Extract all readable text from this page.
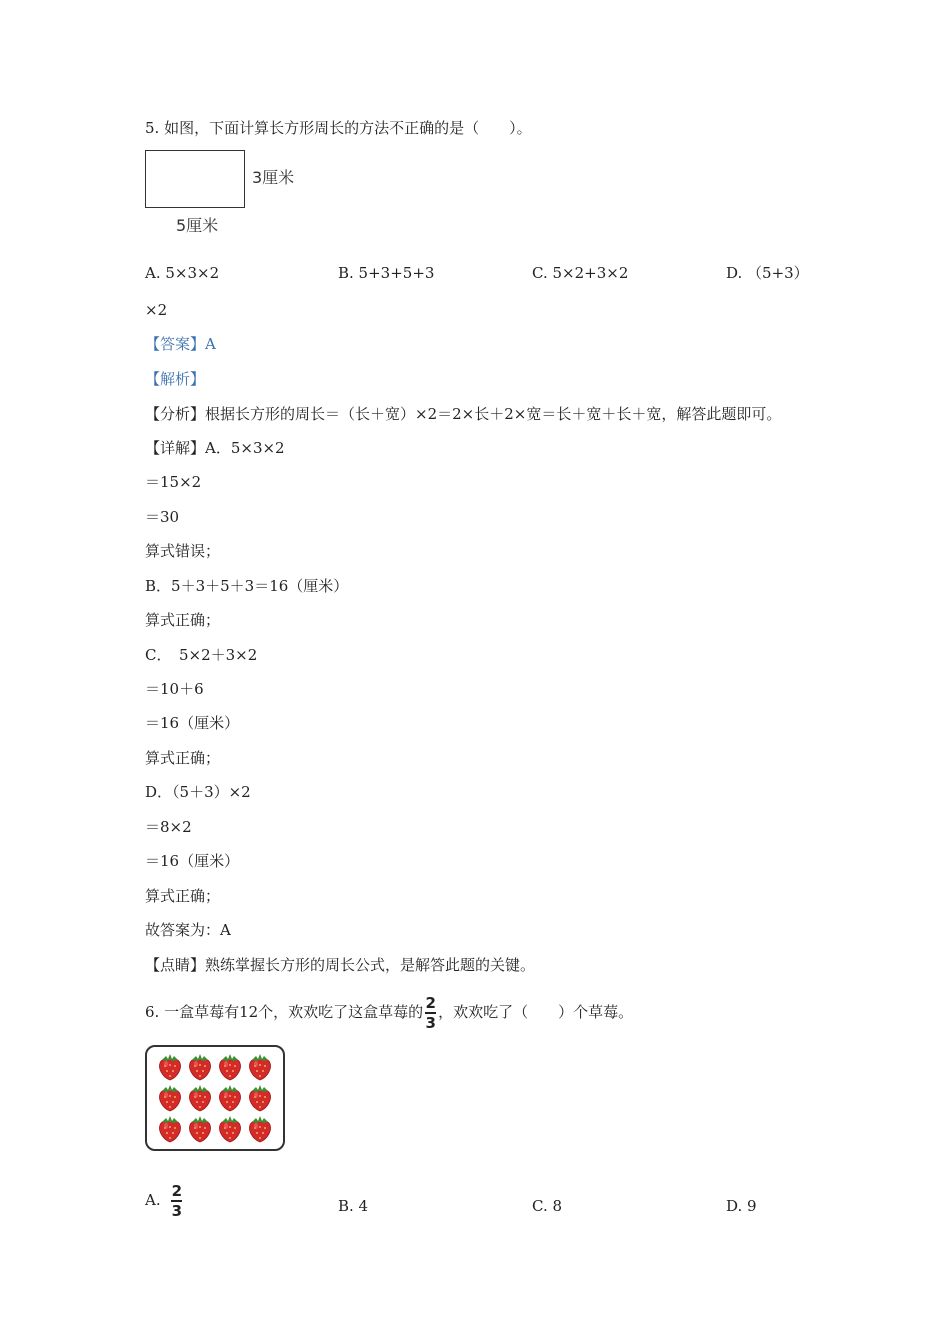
5. 如图，下面计算长方形周长的方法不正确的是（　　）。
3厘米
5厘米
A. 5×3×2	B. 5+3+5+3	C. 5×2+3×2	D. （5+3）
×2
【答案】A
【解析】
【分析】根据长方形的周长＝（长＋宽）×2＝2×长＋2×宽＝长＋宽＋长＋宽，解答此题即可。
【详解】A．5×3×2
＝15×2
＝30
算式错误；
B．5＋3＋5＋3＝16（厘米）
算式正确；
C．　5×2＋3×2
＝10＋6
＝16（厘米）
算式正确；
D．（5＋3）×2
＝8×2
＝16（厘米）
算式正确；
故答案为：A
【点睛】熟练掌握长方形的周长公式，是解答此题的关键。
6. 一盒草莓有12个，欢欢吃了这盒草莓的 $\frac{2}{3}$ ，欢欢吃了（　　）个草莓。
A. $\frac{2}{3}$	B. 4	C. 8	D. 9
